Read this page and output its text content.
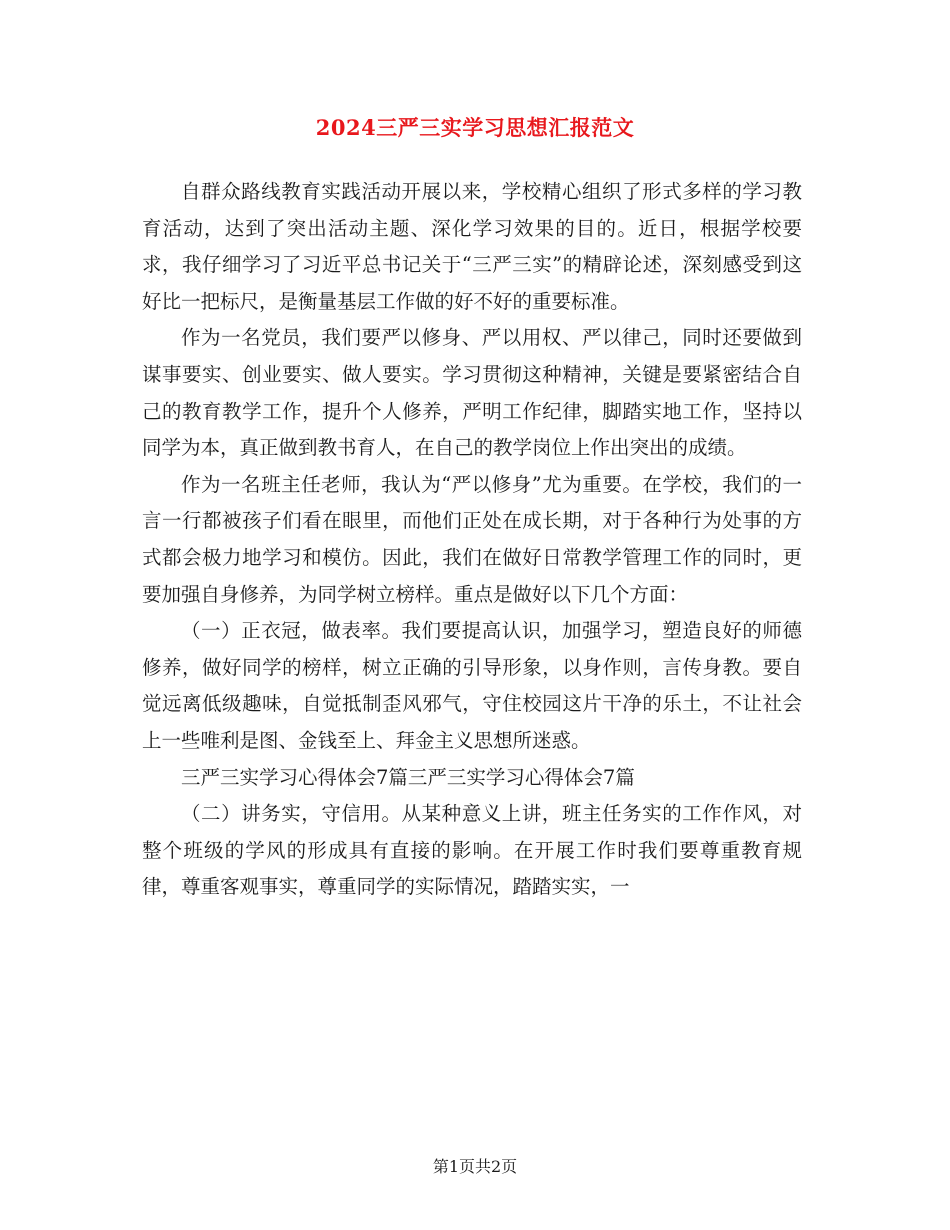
2024三严三实学习思想汇报范文

自群众路线教育实践活动开展以来，学校精心组织了形式多样的学习教育活动，达到了突出活动主题、深化学习效果的目的。近日，根据学校要求，我仔细学习了习近平总书记关于“三严三实”的精辟论述，深刻感受到这好比一把标尺，是衡量基层工作做的好不好的重要标准。

作为一名党员，我们要严以修身、严以用权、严以律己，同时还要做到谋事要实、创业要实、做人要实。学习贯彻这种精神，关键是要紧密结合自己的教育教学工作，提升个人修养，严明工作纪律，脚踏实地工作，坚持以同学为本，真正做到教书育人，在自己的教学岗位上作出突出的成绩。

作为一名班主任老师，我认为“严以修身”尤为重要。在学校，我们的一言一行都被孩子们看在眼里，而他们正处在成长期，对于各种行为处事的方式都会极力地学习和模仿。因此，我们在做好日常教学管理工作的同时，更要加强自身修养，为同学树立榜样。重点是做好以下几个方面：

（一）正衣冠，做表率。我们要提高认识，加强学习，塑造良好的师德修养，做好同学的榜样，树立正确的引导形象，以身作则，言传身教。要自觉远离低级趣味，自觉抵制歪风邪气，守住校园这片干净的乐土，不让社会上一些唯利是图、金钱至上、拜金主义思想所迷惑。

三严三实学习心得体会7篇三严三实学习心得体会7篇

（二）讲务实，守信用。从某种意义上讲，班主任务实的工作作风，对整个班级的学风的形成具有直接的影响。在开展工作时我们要尊重教育规律，尊重客观事实，尊重同学的实际情况，踏踏实实，一

第1页共2页
